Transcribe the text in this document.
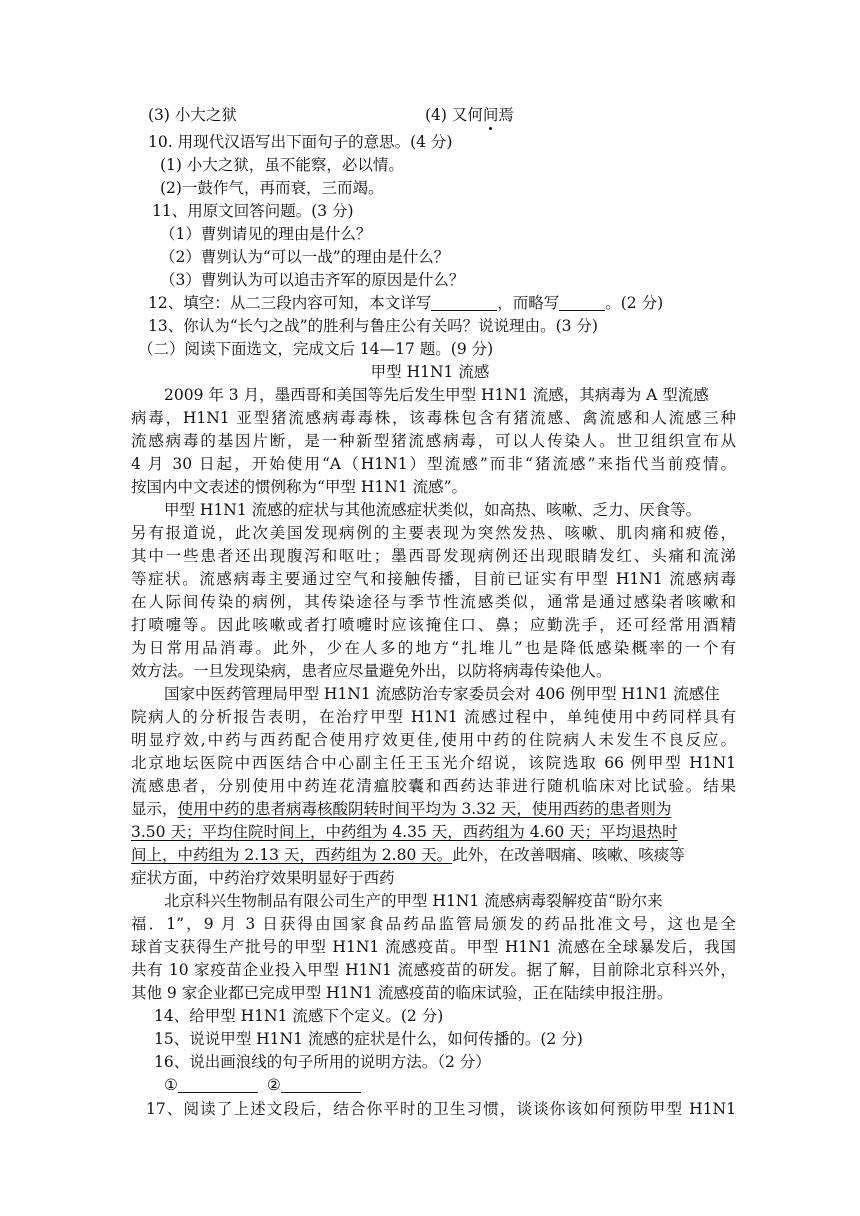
(3) 小大之狱	(4) 又何间焉
10. 用现代汉语写出下面句子的意思。(4 分)
(1) 小大之狱，虽不能察，必以情。
(2)一鼓作气，再而衰，三而竭。
11、用原文回答问题。(3 分)
（1）曹刿请见的理由是什么？
（2）曹刿认为“可以一战”的理由是什么？
（3）曹刿认为可以追击齐军的原因是什么？
12、填空：从二三段内容可知，本文详写	，而略写	。(2 分)
13、你认为“长勺之战”的胜利与鲁庄公有关吗？说说理由。(3 分)
（二）阅读下面选文，完成文后 14—17 题。(9 分)
甲型 H1N1 流感
2009 年 3 月，墨西哥和美国等先后发生甲型 H1N1 流感，其病毒为 A 型流感
病毒，H1N1 亚型猪流感病毒毒株，该毒株包含有猪流感、禽流感和人流感三种
流感病毒的基因片断，是一种新型猪流感病毒，可以人传染人。世卫组织宣布从
4 月 30 日起，开始使用“A（H1N1）型流感”而非“猪流感”来指代当前疫情。
按国内中文表述的惯例称为“甲型 H1N1 流感”。
甲型 H1N1 流感的症状与其他流感症状类似，如高热、咳嗽、乏力、厌食等。
另有报道说，此次美国发现病例的主要表现为突然发热、咳嗽、肌肉痛和疲倦，
其中一些患者还出现腹泻和呕吐；墨西哥发现病例还出现眼睛发红、头痛和流涕
等症状。流感病毒主要通过空气和接触传播，目前已证实有甲型 H1N1 流感病毒
在人际间传染的病例，其传染途径与季节性流感类似，通常是通过感染者咳嗽和
打喷嚏等。因此咳嗽或者打喷嚏时应该掩住口、鼻；应勤洗手，还可经常用酒精
为日常用品消毒。此外，少在人多的地方“扎堆儿”也是降低感染概率的一个有
效方法。一旦发现染病，患者应尽量避免外出，以防将病毒传染他人。
国家中医药管理局甲型 H1N1 流感防治专家委员会对 406 例甲型 H1N1 流感住
院病人的分析报告表明，在治疗甲型 H1N1 流感过程中，单纯使用中药同样具有
明显疗效,中药与西药配合使用疗效更佳,使用中药的住院病人未发生不良反应。
北京地坛医院中西医结合中心副主任王玉光介绍说，该院选取 66 例甲型 H1N1
流感患者，分别使用中药连花清瘟胶囊和西药达菲进行随机临床对比试验。结果
显示，使用中药的患者病毒核酸阴转时间平均为 3.32 天，使用西药的患者则为
3.50 天；平均住院时间上，中药组为 4.35 天，西药组为 4.60 天；平均退热时
间上，中药组为 2.13 天，西药组为 2.80 天。此外，在改善咽痛、咳嗽、咳痰等
症状方面，中药治疗效果明显好于西药
北京科兴生物制品有限公司生产的甲型 H1N1 流感病毒裂解疫苗“盼尔来
福．1”，9 月 3 日获得由国家食品药品监管局颁发的药品批准文号，这也是全
球首支获得生产批号的甲型 H1N1 流感疫苗。甲型 H1N1 流感在全球暴发后，我国
共有 10 家疫苗企业投入甲型 H1N1 流感疫苗的研发。据了解，目前除北京科兴外，
其他 9 家企业都已完成甲型 H1N1 流感疫苗的临床试验，正在陆续申报注册。
14、给甲型 H1N1 流感下个定义。(2 分)
15、说说甲型 H1N1 流感的症状是什么，如何传播的。(2 分)
16、说出画浪线的句子所用的说明方法。（2 分）
①	②
17、阅读了上述文段后，结合你平时的卫生习惯，谈谈你该如何预防甲型 H1N1
